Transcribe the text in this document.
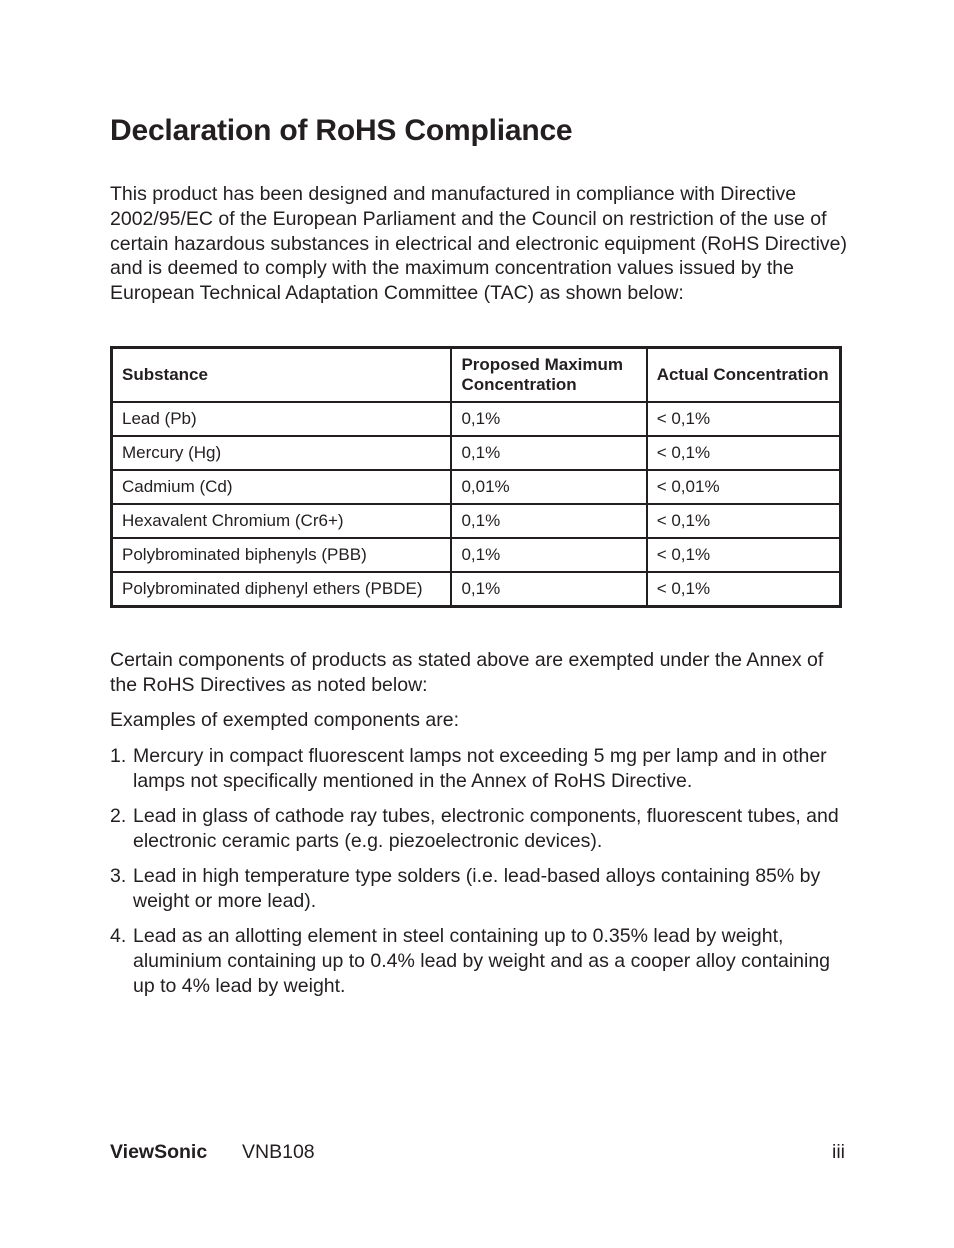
Declaration of RoHS Compliance

This product has been designed and manufactured in compliance with Directive 2002/95/EC of the European Parliament and the Council on restriction of the use of certain hazardous substances in electrical and electronic equipment (RoHS Directive) and is deemed to comply with the maximum concentration values issued by the European Technical Adaptation Committee (TAC) as shown below:

Substance	Proposed Maximum Concentration	Actual Concentration
Lead (Pb)	0,1%	< 0,1%
Mercury (Hg)	0,1%	< 0,1%
Cadmium (Cd)	0,01%	< 0,01%
Hexavalent Chromium (Cr6+)	0,1%	< 0,1%
Polybrominated biphenyls (PBB)	0,1%	< 0,1%
Polybrominated diphenyl ethers (PBDE)	0,1%	< 0,1%

Certain components of products as stated above are exempted under the Annex of the RoHS Directives as noted below:

Examples of exempted components are:

1. Mercury in compact fluorescent lamps not exceeding 5 mg per lamp and in other lamps not specifically mentioned in the Annex of RoHS Directive.
2. Lead in glass of cathode ray tubes, electronic components, fluorescent tubes, and electronic ceramic parts (e.g. piezoelectronic devices).
3. Lead in high temperature type solders (i.e. lead-based alloys containing 85% by weight or more lead).
4. Lead as an allotting element in steel containing up to 0.35% lead by weight, aluminium containing up to 0.4% lead by weight and as a cooper alloy containing up to 4% lead by weight.
ViewSonic VNB108	iii
